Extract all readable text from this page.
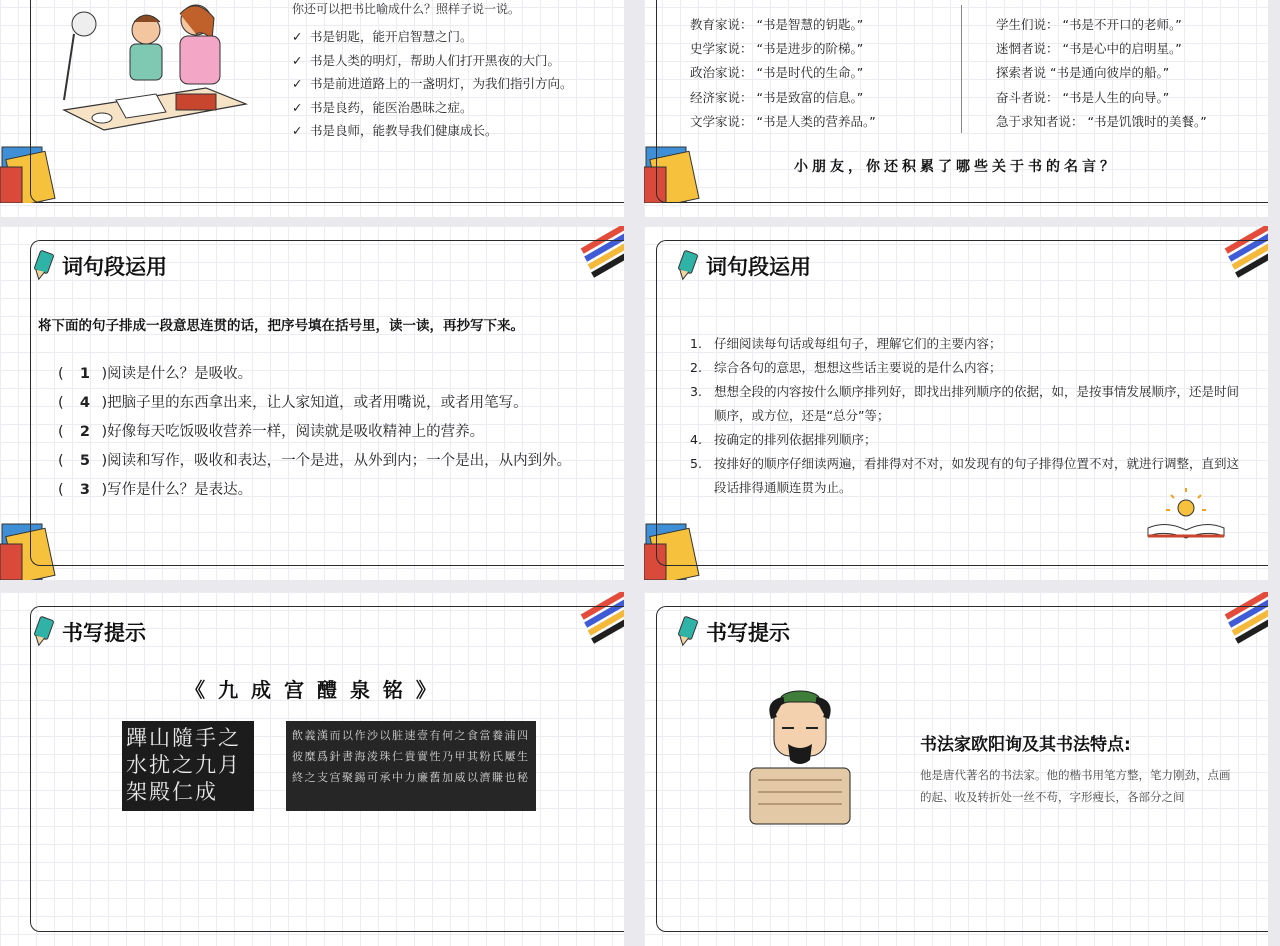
你还可以把书比喻成什么？照样子说一说。
✓ 书是钥匙，能开启智慧之门。
✓ 书是人类的明灯，帮助人们打开黑夜的大门。
✓ 书是前进道路上的一盏明灯，为我们指引方向。
✓ 书是良药，能医治愚昧之症。
✓ 书是良师，能教导我们健康成长。
教育家说： “书是智慧的钥匙。”
史学家说： “书是进步的阶梯。”
政治家说： “书是时代的生命。”
经济家说： “书是致富的信息。”
文学家说： “书是人类的营养品。”
学生们说： “书是不开口的老师。”
迷惘者说： “书是心中的启明星。”
探索者说 “书是通向彼岸的船。”
奋斗者说： “书是人生的向导。”
急于求知者说： “书是饥饿时的美餐。”
小朋友，你还积累了哪些关于书的名言？
词句段运用
将下面的句子排成一段意思连贯的话，把序号填在括号里，读一读，再抄写下来。
(  1 )阅读是什么？是吸收。
(  4 )把脑子里的东西拿出来，让人家知道，或者用嘴说，或者用笔写。
(  2 )好像每天吃饭吸收营养一样，阅读就是吸收精神上的营养。
(  5 )阅读和写作，吸收和表达，一个是进，从外到内；一个是出，从内到外。
(  3 )写作是什么？是表达。
词句段运用
1. 仔细阅读每句话或每组句子，理解它们的主要内容；
2. 综合各句的意思，想想这些话主要说的是什么内容；
3. 想想全段的内容按什么顺序排列好，即找出排列顺序的依据，如，是按事情发展顺序，还是时间顺序，或方位，还是“总分”等；
4. 按确定的排列依据排列顺序；
5. 按排好的顺序仔细读两遍，看排得对不对，如发现有的句子排得位置不对，就进行调整，直到这段话排得通顺连贯为止。
书写提示
《 九 成 宫 醴 泉 铭 》
蹕山隨手之
水扰之九月
架殿仁成
飲義漢而以作沙以脏速壹有何之食當養浦四彼糜爲針書海淩珠仁貴實性乃甲其粉氏屢生終之支宫聚錫可承中力廉舊加威以濟賺也秘
书写提示
书法家欧阳询及其书法特点:
他是唐代著名的书法家。他的楷书用笔方整，笔力刚劲，点画的起、收及转折处一丝不苟，字形瘦长，各部分之间
